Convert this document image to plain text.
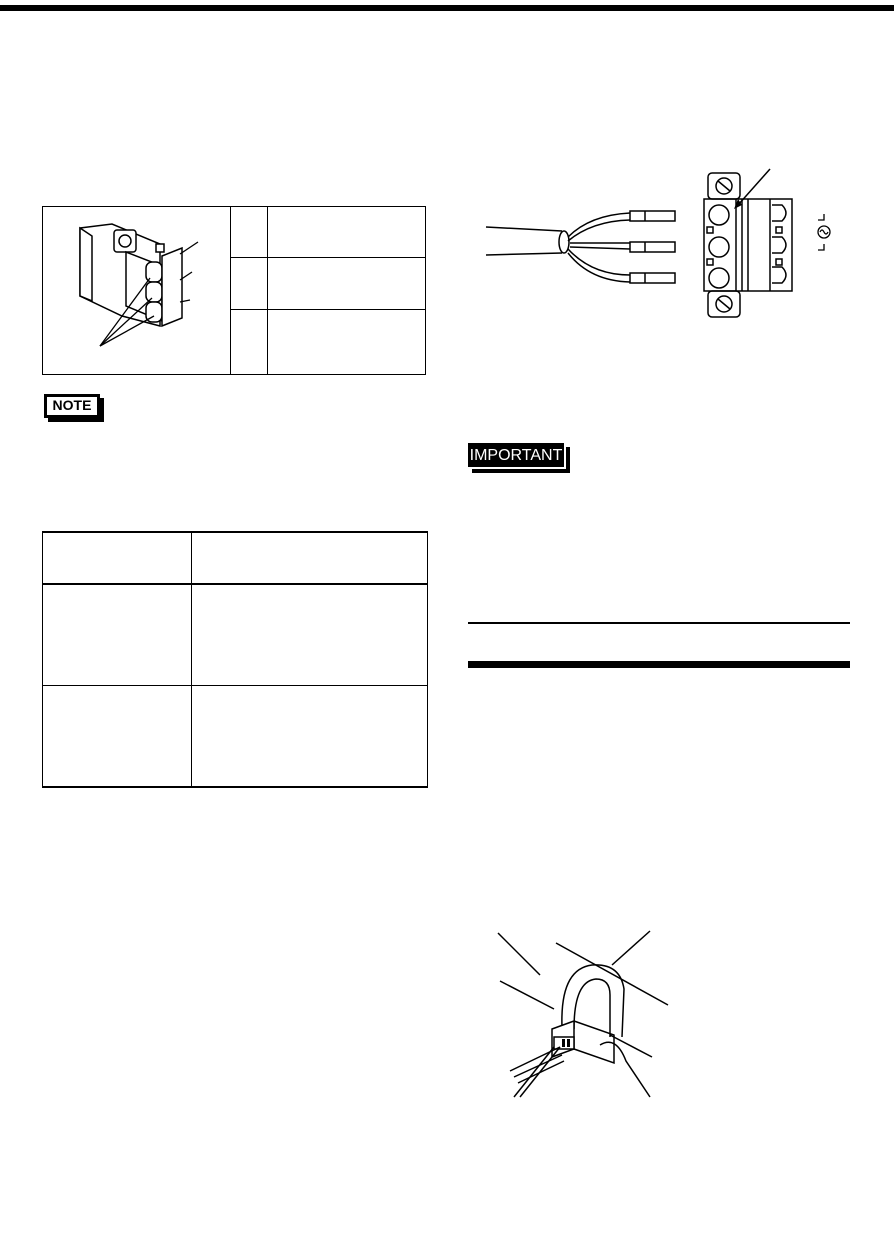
NOTE
IMPORTANT
